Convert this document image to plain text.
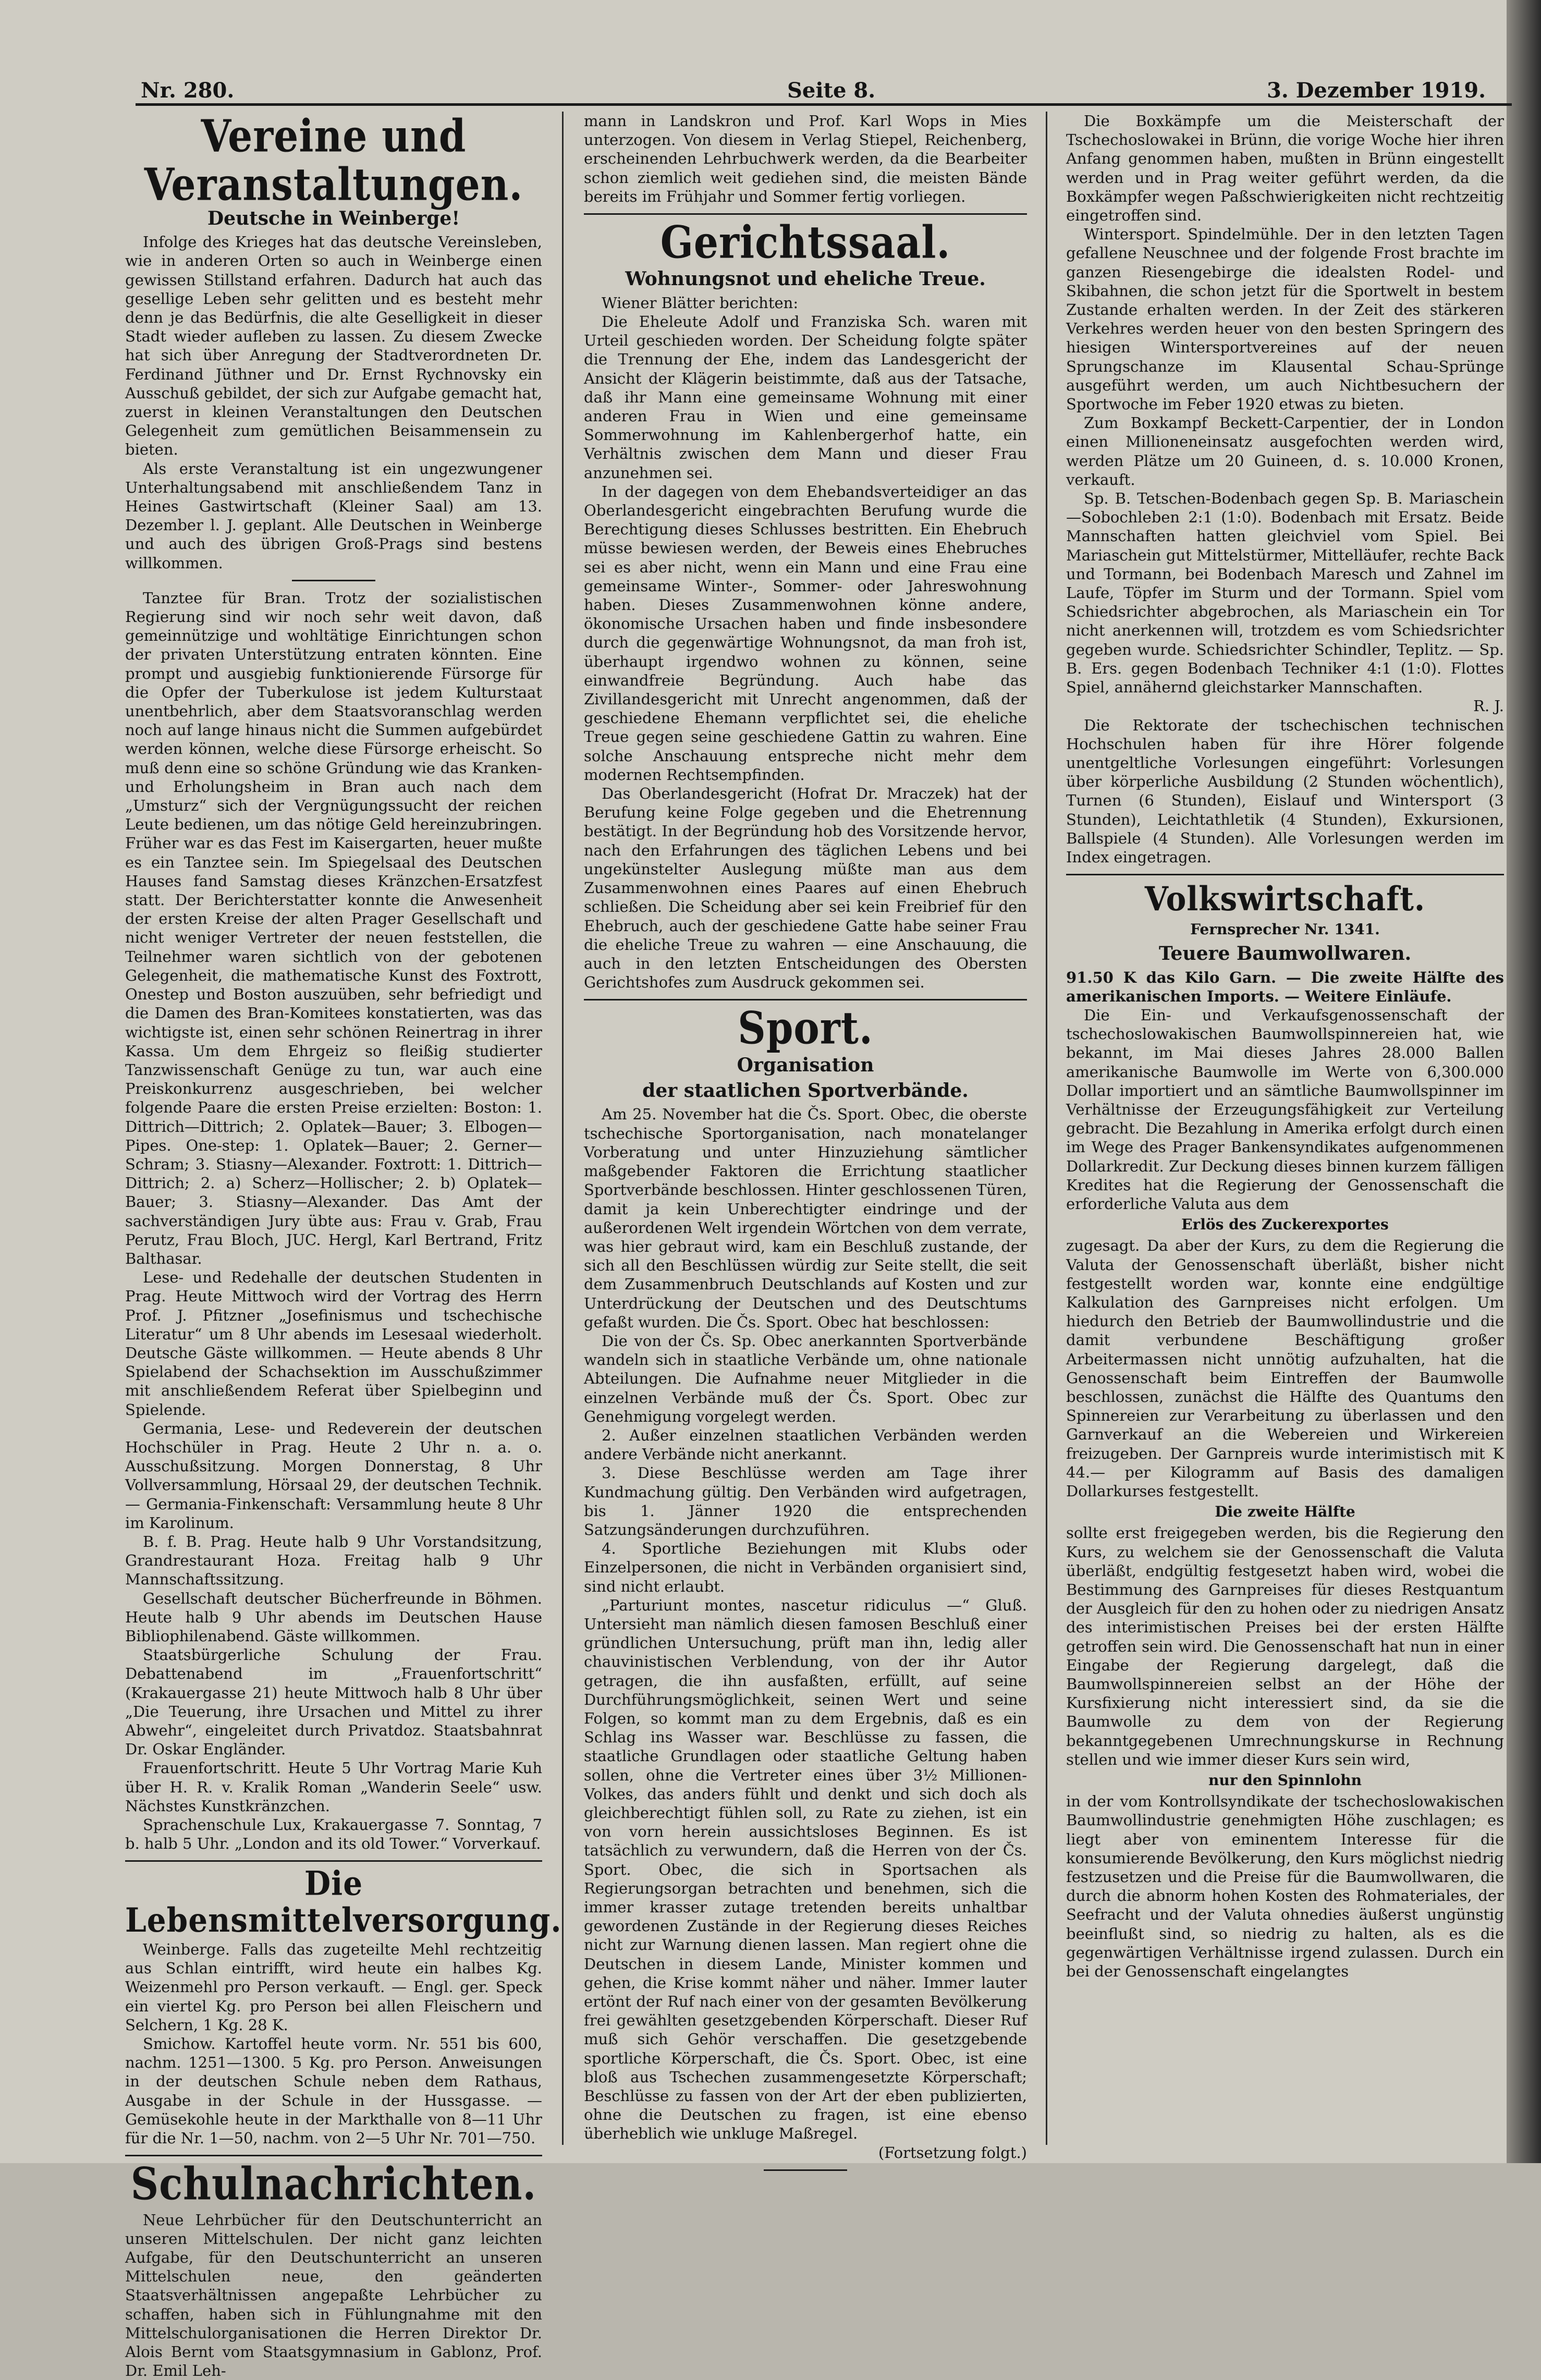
Nr. 280.	Seite 8.	3. Dezember 1919.
Vereine und Veranstaltungen.
Deutsche in Weinberge!

Infolge des Krieges hat das deutsche Vereinsleben, wie in anderen Orten so auch in Weinberge einen gewissen Stillstand erfahren. Dadurch hat auch das gesellige Leben sehr gelitten und es besteht mehr denn je das Bedürfnis, die alte Geselligkeit in dieser Stadt wieder aufleben zu lassen. Zu diesem Zwecke hat sich über Anregung der Stadtverordneten Dr. Ferdinand Jüthner und Dr. Ernst Rychnovsky ein Ausschuß gebildet, der sich zur Aufgabe gemacht hat, zuerst in kleinen Veranstaltungen den Deutschen Gelegenheit zum gemütlichen Beisammensein zu bieten.

Als erste Veranstaltung ist ein ungezwungener Unterhaltungsabend mit anschließendem Tanz in Heines Gastwirtschaft (Kleiner Saal) am 13. Dezember l. J. geplant. Alle Deutschen in Weinberge und auch des übrigen Groß-Prags sind bestens willkommen.

Tanztee für Bran. Trotz der sozialistischen Regierung sind wir noch sehr weit davon, daß gemeinnützige und wohltätige Einrichtungen schon der privaten Unterstützung entraten könnten. Eine prompt und ausgiebig funktionierende Fürsorge für die Opfer der Tuberkulose ist jedem Kulturstaat unentbehrlich, aber dem Staatsvoranschlag werden noch auf lange hinaus nicht die Summen aufgebürdet werden können, welche diese Fürsorge erheischt. So muß denn eine so schöne Gründung wie das Kranken- und Erholungsheim in Bran auch nach dem „Umsturz“ sich der Vergnügungssucht der reichen Leute bedienen, um das nötige Geld hereinzubringen. Früher war es das Fest im Kaisergarten, heuer mußte es ein Tanztee sein. Im Spiegelsaal des Deutschen Hauses fand Samstag dieses Kränzchen-Ersatzfest statt. Der Berichterstatter konnte die Anwesenheit der ersten Kreise der alten Prager Gesellschaft und nicht weniger Vertreter der neuen feststellen, die Teilnehmer waren sichtlich von der gebotenen Gelegenheit, die mathematische Kunst des Foxtrott, Onestep und Boston auszuüben, sehr befriedigt und die Damen des Bran-Komitees konstatierten, was das wichtigste ist, einen sehr schönen Reinertrag in ihrer Kassa. Um dem Ehrgeiz so fleißig studierter Tanzwissenschaft Genüge zu tun, war auch eine Preiskonkurrenz ausgeschrieben, bei welcher folgende Paare die ersten Preise erzielten: Boston: 1. Dittrich—Dittrich; 2. Oplatek—Bauer; 3. Elbogen—Pipes. One-step: 1. Oplatek—Bauer; 2. Gerner—Schram; 3. Stiasny—Alexander. Foxtrott: 1. Dittrich—Dittrich; 2. a) Scherz—Hollischer; 2. b) Oplatek—Bauer; 3. Stiasny—Alexander. Das Amt der sachverständigen Jury übte aus: Frau v. Grab, Frau Perutz, Frau Bloch, JUC. Hergl, Karl Bertrand, Fritz Balthasar.

Lese- und Redehalle der deutschen Studenten in Prag. Heute Mittwoch wird der Vortrag des Herrn Prof. J. Pfitzner „Josefinismus und tschechische Literatur“ um 8 Uhr abends im Lesesaal wiederholt. Deutsche Gäste willkommen. — Heute abends 8 Uhr Spielabend der Schachsektion im Ausschußzimmer mit anschließendem Referat über Spielbeginn und Spielende.

Germania, Lese- und Redeverein der deutschen Hochschüler in Prag. Heute 2 Uhr n. a. o. Ausschußsitzung. Morgen Donnerstag, 8 Uhr Vollversammlung, Hörsaal 29, der deutschen Technik. — Germania-Finkenschaft: Versammlung heute 8 Uhr im Karolinum.

B. f. B. Prag. Heute halb 9 Uhr Vorstandsitzung, Grandrestaurant Hoza. Freitag halb 9 Uhr Mannschaftssitzung.

Gesellschaft deutscher Bücherfreunde in Böhmen. Heute halb 9 Uhr abends im Deutschen Hause Bibliophilenabend. Gäste willkommen.

Staatsbürgerliche Schulung der Frau. Debattenabend im „Frauenfortschritt“ (Krakauergasse 21) heute Mittwoch halb 8 Uhr über „Die Teuerung, ihre Ursachen und Mittel zu ihrer Abwehr“, eingeleitet durch Privatdoz. Staatsbahnrat Dr. Oskar Engländer.

Frauenfortschritt. Heute 5 Uhr Vortrag Marie Kuh über H. R. v. Kralik Roman „Wanderin Seele“ usw. Nächstes Kunstkränzchen.

Sprachenschule Lux, Krakauergasse 7. Sonntag, 7 b. halb 5 Uhr. „London and its old Tower.“ Vorverkauf.

Die Lebensmittelversorgung.

Weinberge. Falls das zugeteilte Mehl rechtzeitig aus Schlan eintrifft, wird heute ein halbes Kg. Weizenmehl pro Person verkauft. — Engl. ger. Speck ein viertel Kg. pro Person bei allen Fleischern und Selchern, 1 Kg. 28 K.

Smichow. Kartoffel heute vorm. Nr. 551 bis 600, nachm. 1251—1300. 5 Kg. pro Person. Anweisungen in der deutschen Schule neben dem Rathaus, Ausgabe in der Schule in der Hussgasse. — Gemüsekohle heute in der Markthalle von 8—11 Uhr für die Nr. 1—50, nachm. von 2—5 Uhr Nr. 701—750.

Schulnachrichten.

Neue Lehrbücher für den Deutschunterricht an unseren Mittelschulen. Der nicht ganz leichten Aufgabe, für den Deutschunterricht an unseren Mittelschulen neue, den geänderten Staatsverhältnissen angepaßte Lehrbücher zu schaffen, haben sich in Fühlungnahme mit den Mittelschulorganisationen die Herren Direktor Dr. Alois Bernt vom Staatsgymnasium in Gablonz, Prof. Dr. Emil Leh-

mann in Landskron und Prof. Karl Wops in Mies unterzogen. Von diesem in Verlag Stiepel, Reichenberg, erscheinenden Lehrbuchwerk werden, da die Bearbeiter schon ziemlich weit gediehen sind, die meisten Bände bereits im Frühjahr und Sommer fertig vorliegen.

Gerichtssaal.
Wohnungsnot und eheliche Treue.

Wiener Blätter berichten:

Die Eheleute Adolf und Franziska Sch. waren mit Urteil geschieden worden. Der Scheidung folgte später die Trennung der Ehe, indem das Landesgericht der Ansicht der Klägerin beistimmte, daß aus der Tatsache, daß ihr Mann eine gemeinsame Wohnung mit einer anderen Frau in Wien und eine gemeinsame Sommerwohnung im Kahlenbergerhof hatte, ein Verhältnis zwischen dem Mann und dieser Frau anzunehmen sei.

In der dagegen von dem Ehebandsverteidiger an das Oberlandesgericht eingebrachten Berufung wurde die Berechtigung dieses Schlusses bestritten. Ein Ehebruch müsse bewiesen werden, der Beweis eines Ehebruches sei es aber nicht, wenn ein Mann und eine Frau eine gemeinsame Winter-, Sommer- oder Jahreswohnung haben. Dieses Zusammenwohnen könne andere, ökonomische Ursachen haben und finde insbesondere durch die gegenwärtige Wohnungsnot, da man froh ist, überhaupt irgendwo wohnen zu können, seine einwandfreie Begründung. Auch habe das Zivillandesgericht mit Unrecht angenommen, daß der geschiedene Ehemann verpflichtet sei, die eheliche Treue gegen seine geschiedene Gattin zu wahren. Eine solche Anschauung entspreche nicht mehr dem modernen Rechtsempfinden.

Das Oberlandesgericht (Hofrat Dr. Mraczek) hat der Berufung keine Folge gegeben und die Ehetrennung bestätigt. In der Begründung hob des Vorsitzende hervor, nach den Erfahrungen des täglichen Lebens und bei ungekünstelter Auslegung müßte man aus dem Zusammenwohnen eines Paares auf einen Ehebruch schließen. Die Scheidung aber sei kein Freibrief für den Ehebruch, auch der geschiedene Gatte habe seiner Frau die eheliche Treue zu wahren — eine Anschauung, die auch in den letzten Entscheidungen des Obersten Gerichtshofes zum Ausdruck gekommen sei.

Sport.
Organisation
der staatlichen Sportverbände.

Am 25. November hat die Čs. Sport. Obec, die oberste tschechische Sportorganisation, nach monatelanger Vorberatung und unter Hinzuziehung sämtlicher maßgebender Faktoren die Errichtung staatlicher Sportverbände beschlossen. Hinter geschlossenen Türen, damit ja kein Unberechtigter eindringe und der außerordenen Welt irgendein Wörtchen von dem verrate, was hier gebraut wird, kam ein Beschluß zustande, der sich all den Beschlüssen würdig zur Seite stellt, die seit dem Zusammenbruch Deutschlands auf Kosten und zur Unterdrückung der Deutschen und des Deutschtums gefaßt wurden. Die Čs. Sport. Obec hat beschlossen:

Die von der Čs. Sp. Obec anerkannten Sportverbände wandeln sich in staatliche Verbände um, ohne nationale Abteilungen. Die Aufnahme neuer Mitglieder in die einzelnen Verbände muß der Čs. Sport. Obec zur Genehmigung vorgelegt werden.

2. Außer einzelnen staatlichen Verbänden werden andere Verbände nicht anerkannt.

3. Diese Beschlüsse werden am Tage ihrer Kundmachung gültig. Den Verbänden wird aufgetragen, bis 1. Jänner 1920 die entsprechenden Satzungsänderungen durchzuführen.

4. Sportliche Beziehungen mit Klubs oder Einzelpersonen, die nicht in Verbänden organisiert sind, sind nicht erlaubt.

„Parturiunt montes, nascetur ridiculus —“ Gluß. Untersieht man nämlich diesen famosen Beschluß einer gründlichen Untersuchung, prüft man ihn, ledig aller chauvinistischen Verblendung, von der ihr Autor getragen, die ihn ausfaßten, erfüllt, auf seine Durchführungsmöglichkeit, seinen Wert und seine Folgen, so kommt man zu dem Ergebnis, daß es ein Schlag ins Wasser war. Beschlüsse zu fassen, die staatliche Grundlagen oder staatliche Geltung haben sollen, ohne die Vertreter eines über 3½ Millionen-Volkes, das anders fühlt und denkt und sich doch als gleichberechtigt fühlen soll, zu Rate zu ziehen, ist ein von vorn herein aussichtsloses Beginnen. Es ist tatsächlich zu verwundern, daß die Herren von der Čs. Sport. Obec, die sich in Sportsachen als Regierungsorgan betrachten und benehmen, sich die immer krasser zutage tretenden bereits unhaltbar gewordenen Zustände in der Regierung dieses Reiches nicht zur Warnung dienen lassen. Man regiert ohne die Deutschen in diesem Lande, Minister kommen und gehen, die Krise kommt näher und näher. Immer lauter ertönt der Ruf nach einer von der gesamten Bevölkerung frei gewählten gesetzgebenden Körperschaft. Dieser Ruf muß sich Gehör verschaffen. Die gesetzgebende sportliche Körperschaft, die Čs. Sport. Obec, ist eine bloß aus Tschechen zusammengesetzte Körperschaft; Beschlüsse zu fassen von der Art der eben publizierten, ohne die Deutschen zu fragen, ist eine ebenso überheblich wie unkluge Maßregel.

(Fortsetzung folgt.)

Die Boxkämpfe um die Meisterschaft der Tschechoslowakei in Brünn, die vorige Woche hier ihren Anfang genommen haben, mußten in Brünn eingestellt werden und in Prag weiter geführt werden, da die Boxkämpfer wegen Paßschwierigkeiten nicht rechtzeitig eingetroffen sind.

Wintersport. Spindelmühle. Der in den letzten Tagen gefallene Neuschnee und der folgende Frost brachte im ganzen Riesengebirge die idealsten Rodel- und Skibahnen, die schon jetzt für die Sportwelt in bestem Zustande erhalten werden. In der Zeit des stärkeren Verkehres werden heuer von den besten Springern des hiesigen Wintersportvereines auf der neuen Sprungschanze im Klausental Schau-Sprünge ausgeführt werden, um auch Nichtbesuchern der Sportwoche im Feber 1920 etwas zu bieten.

Zum Boxkampf Beckett-Carpentier, der in London einen Millioneneinsatz ausgefochten werden wird, werden Plätze um 20 Guineen, d. s. 10.000 Kronen, verkauft.

Sp. B. Tetschen-Bodenbach gegen Sp. B. Mariaschein—Sobochleben 2:1 (1:0). Bodenbach mit Ersatz. Beide Mannschaften hatten gleichviel vom Spiel. Bei Mariaschein gut Mittelstürmer, Mittelläufer, rechte Back und Tormann, bei Bodenbach Maresch und Zahnel im Laufe, Töpfer im Sturm und der Tormann. Spiel vom Schiedsrichter abgebrochen, als Mariaschein ein Tor nicht anerkennen will, trotzdem es vom Schiedsrichter gegeben wurde. Schiedsrichter Schindler, Teplitz. — Sp. B. Ers. gegen Bodenbach Techniker 4:1 (1:0). Flottes Spiel, annähernd gleichstarker Mannschaften.

R. J.

Die Rektorate der tschechischen technischen Hochschulen haben für ihre Hörer folgende unentgeltliche Vorlesungen eingeführt: Vorlesungen über körperliche Ausbildung (2 Stunden wöchentlich), Turnen (6 Stunden), Eislauf und Wintersport (3 Stunden), Leichtathletik (4 Stunden), Exkursionen, Ballspiele (4 Stunden). Alle Vorlesungen werden im Index eingetragen.

Volkswirtschaft.
Fernsprecher Nr. 1341.
Teuere Baumwollwaren.

91.50 K das Kilo Garn. — Die zweite Hälfte des amerikanischen Imports. — Weitere Einläufe.

Die Ein- und Verkaufsgenossenschaft der tschechoslowakischen Baumwollspinnereien hat, wie bekannt, im Mai dieses Jahres 28.000 Ballen amerikanische Baumwolle im Werte von 6,300.000 Dollar importiert und an sämtliche Baumwollspinner im Verhältnisse der Erzeugungsfähigkeit zur Verteilung gebracht. Die Bezahlung in Amerika erfolgt durch einen im Wege des Prager Bankensyndikates aufgenommenen Dollarkredit. Zur Deckung dieses binnen kurzem fälligen Kredites hat die Regierung der Genossenschaft die erforderliche Valuta aus dem

Erlös des Zuckerexportes

zugesagt. Da aber der Kurs, zu dem die Regierung die Valuta der Genossenschaft überläßt, bisher nicht festgestellt worden war, konnte eine endgültige Kalkulation des Garnpreises nicht erfolgen. Um hiedurch den Betrieb der Baumwollindustrie und die damit verbundene Beschäftigung großer Arbeitermassen nicht unnötig aufzuhalten, hat die Genossenschaft beim Eintreffen der Baumwolle beschlossen, zunächst die Hälfte des Quantums den Spinnereien zur Verarbeitung zu überlassen und den Garnverkauf an die Webereien und Wirkereien freizugeben. Der Garnpreis wurde interimistisch mit K 44.— per Kilogramm auf Basis des damaligen Dollarkurses festgestellt.

Die zweite Hälfte

sollte erst freigegeben werden, bis die Regierung den Kurs, zu welchem sie der Genossenschaft die Valuta überläßt, endgültig festgesetzt haben wird, wobei die Bestimmung des Garnpreises für dieses Restquantum der Ausgleich für den zu hohen oder zu niedrigen Ansatz des interimistischen Preises bei der ersten Hälfte getroffen sein wird. Die Genossenschaft hat nun in einer Eingabe der Regierung dargelegt, daß die Baumwollspinnereien selbst an der Höhe der Kursfixierung nicht interessiert sind, da sie die Baumwolle zu dem von der Regierung bekanntgegebenen Umrechnungskurse in Rechnung stellen und wie immer dieser Kurs sein wird,

nur den Spinnlohn

in der vom Kontrollsyndikate der tschechoslowakischen Baumwollindustrie genehmigten Höhe zuschlagen; es liegt aber von eminentem Interesse für die konsumierende Bevölkerung, den Kurs möglichst niedrig festzusetzen und die Preise für die Baumwollwaren, die durch die abnorm hohen Kosten des Rohmateriales, der Seefracht und der Valuta ohnedies äußerst ungünstig beeinflußt sind, so niedrig zu halten, als es die gegenwärtigen Verhältnisse irgend zulassen. Durch ein bei der Genossenschaft eingelangtes
